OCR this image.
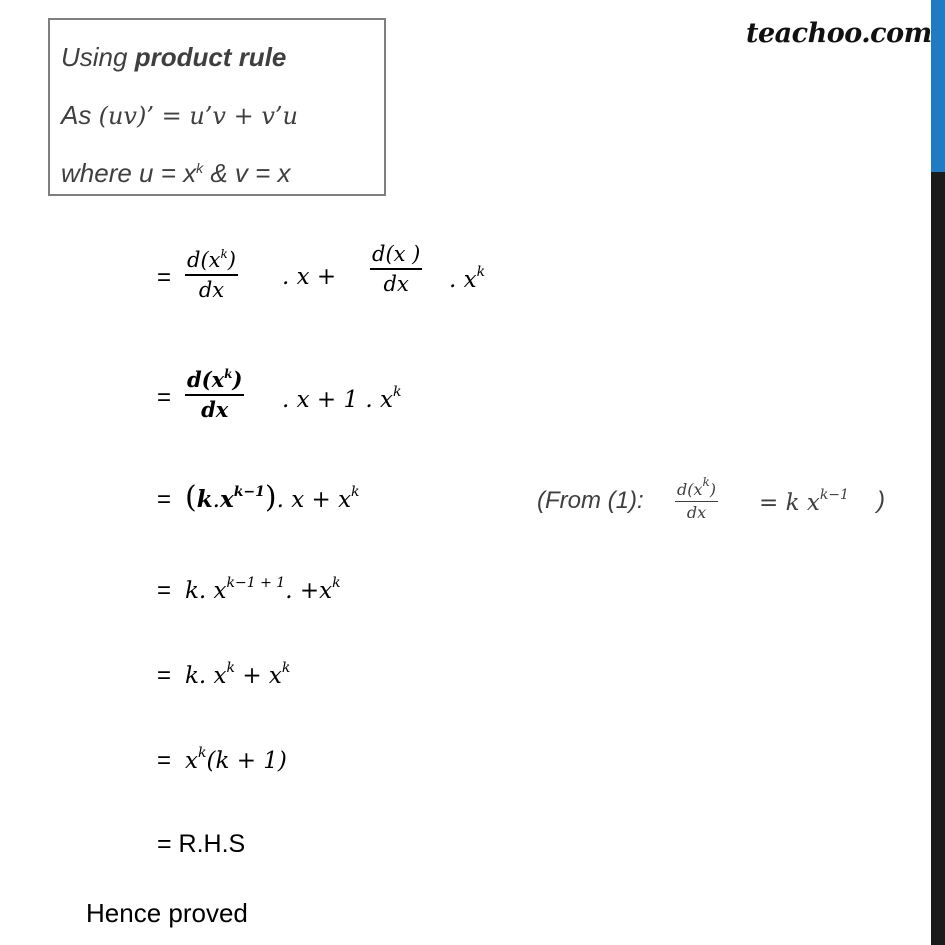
teachoo.com
Using product rule
As (uv)’ = u’v + v’u
where $u = x^k$ & v = x
=
$d(x^k)$
dx	. x +
d(x )
dx	. $x^k$
=
$d(x^k)$
dx	. x + 1 . $x^k$
= $(k.x^{k-1})$. $x + x^k$	(From (1): $d(x^k)$
dx	= k $x^{k-1}$ )
= k. $x^{k-1 + 1}$. $+x^k$
= k. $x^k + x^k$
= $x^k(k + 1)$
= R.H.S
Hence proved
